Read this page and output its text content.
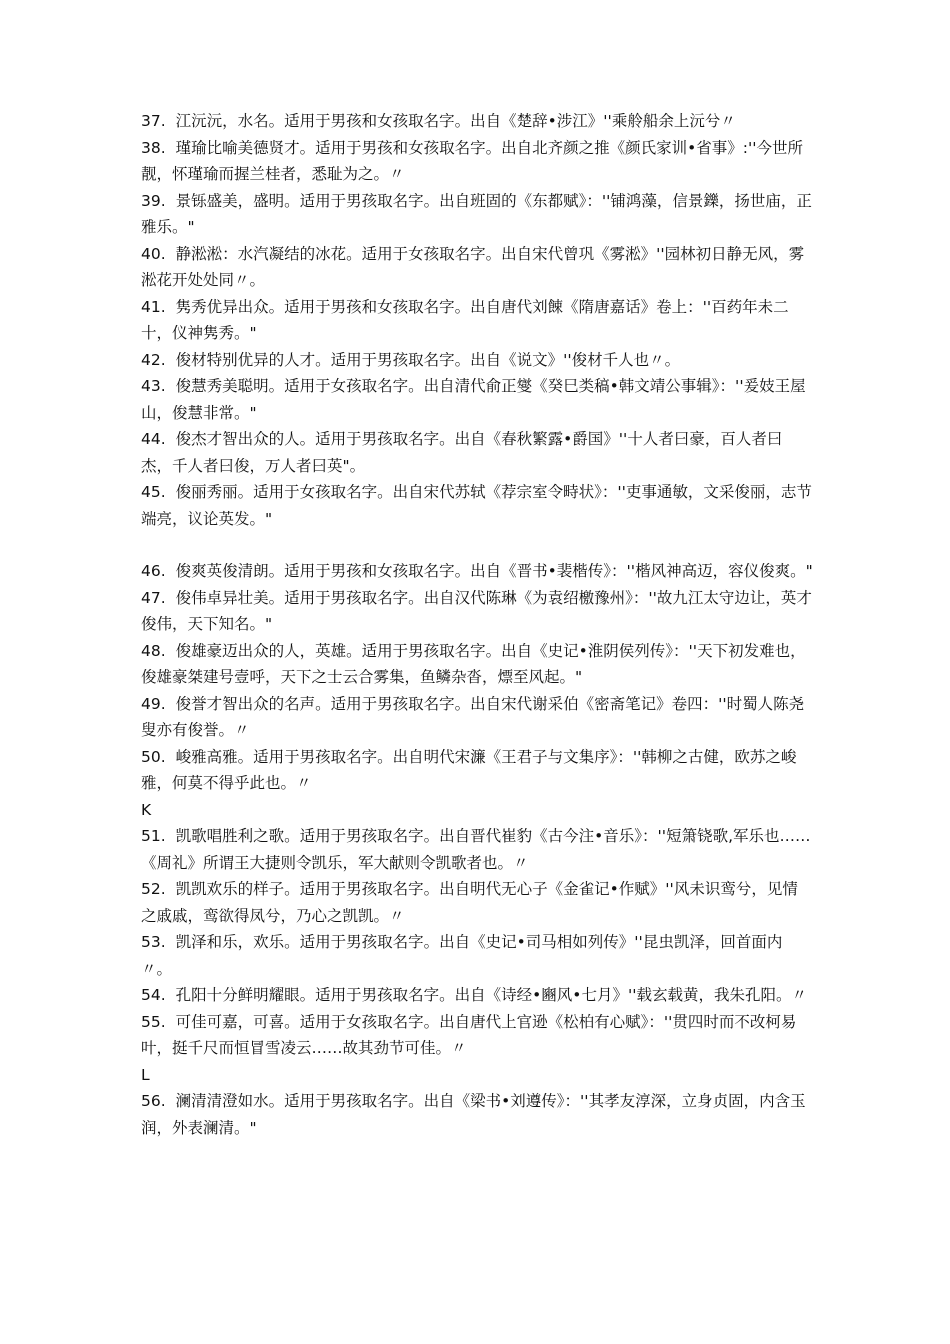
37. 江沅沅，水名。适用于男孩和女孩取名字。出自《楚辞•涉江》''乘舲船余上沅兮〃

38. 瑾瑜比喻美德贤才。适用于男孩和女孩取名字。出自北齐颜之推《颜氏家训•省事》:''今世所靓，怀瑾瑜而握兰桂者，悉耻为之。〃

39. 景铄盛美，盛明。适用于男孩取名字。出自班固的《东都赋》：''铺鸿藻，信景鑠，扬世庙，正雅乐。"

40. 静淞淞：水汽凝结的冰花。适用于女孩取名字。出自宋代曾巩《雾淞》''园林初日静无风，雾淞花开处处同〃。

41. 隽秀优异出众。适用于男孩和女孩取名字。出自唐代刘餗《隋唐嘉话》卷上：''百药年未二十，仪神隽秀。"

42. 俊材特别优异的人才。适用于男孩取名字。出自《说文》''俊材千人也〃。

43. 俊慧秀美聪明。适用于女孩取名字。出自清代俞正燮《癸巳类稿•韩文靖公事辑》：''爰妓王屋山，俊慧非常。"

44. 俊杰才智出众的人。适用于男孩取名字。出自《春秋繁露•爵国》''十人者曰豪，百人者曰杰，千人者曰俊，万人者曰英"。

45. 俊丽秀丽。适用于女孩取名字。出自宋代苏轼《荐宗室令畤状》：''吏事通敏，文采俊丽，志节端亮，议论英发。"

46. 俊爽英俊清朗。适用于男孩和女孩取名字。出自《晋书•裴楷传》：''楷风神高迈，容仪俊爽。"

47. 俊伟卓异壮美。适用于男孩取名字。出自汉代陈琳《为袁绍檄豫州》：''故九江太守边让，英才俊伟，天下知名。"

48. 俊雄豪迈出众的人，英雄。适用于男孩取名字。出自《史记•淮阴侯列传》：''天下初发难也，俊雄豪桀建号壹呼，天下之士云合雾集，鱼鳞杂沓，熛至风起。"

49. 俊誉才智出众的名声。适用于男孩取名字。出自宋代谢采伯《密斋笔记》卷四：''时蜀人陈尧叟亦有俊誉。〃

50. 峻雅高雅。适用于男孩取名字。出自明代宋濂《王君子与文集序》：''韩柳之古健，欧苏之峻雅，何莫不得乎此也。〃

K

51. 凯歌唱胜利之歌。适用于男孩取名字。出自晋代崔豹《古今注•音乐》：''短箫铙歌,军乐也……《周礼》所谓王大捷则令凯乐，军大献则令凯歌者也。〃

52. 凯凯欢乐的样子。适用于男孩取名字。出自明代无心子《金雀记•作赋》''风未识鸾兮，见情之戚戚，鸾欲得凤兮，乃心之凯凯。〃

53. 凯泽和乐，欢乐。适用于男孩取名字。出自《史记•司马相如列传》''昆虫凯泽，回首面内〃。

54. 孔阳十分鲜明耀眼。适用于男孩取名字。出自《诗经•豳风•七月》''载玄载黄，我朱孔阳。〃

55. 可佳可嘉，可喜。适用于女孩取名字。出自唐代上官逊《松柏有心赋》：''贯四时而不改柯易叶，挺千尺而恒冒雪凌云……故其劲节可佳。〃

L

56. 澜清清澄如水。适用于男孩取名字。出自《梁书•刘遵传》：''其孝友淳深，立身贞固，内含玉润，外表澜清。"
